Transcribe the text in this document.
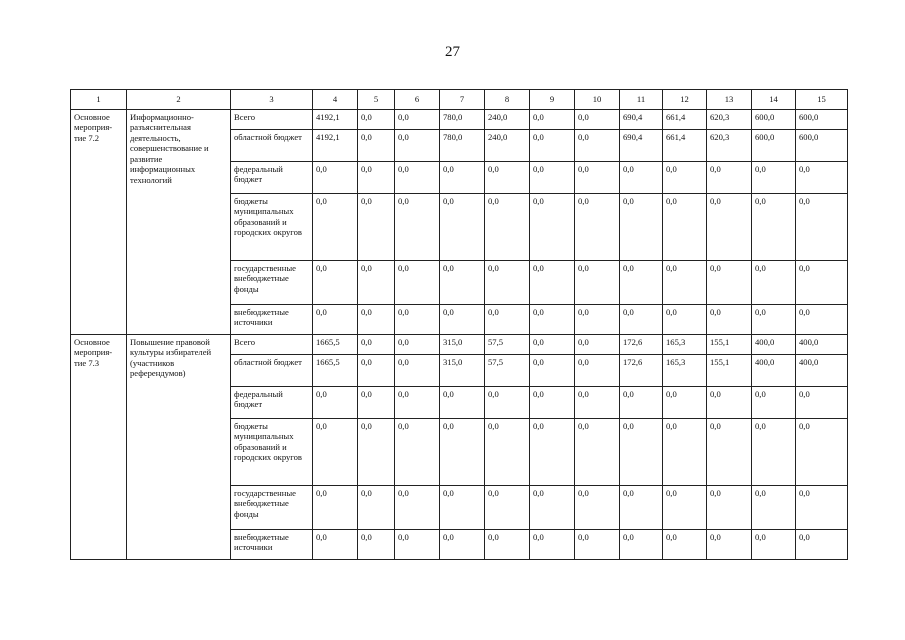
27
1	2	3	4	5	6	7	8	9	10	11	12	13	14	15
Основное мероприя-тие 7.2	Информационно-разъяснительная деятельность, совершенствование и развитие информационных технологий	Всего	4192,1	0,0	0,0	780,0	240,0	0,0	0,0	690,4	661,4	620,3	600,0	600,0
		областной бюджет	4192,1	0,0	0,0	780,0	240,0	0,0	0,0	690,4	661,4	620,3	600,0	600,0
		федеральный бюджет	0,0	0,0	0,0	0,0	0,0	0,0	0,0	0,0	0,0	0,0	0,0	0,0
		бюджеты муниципальных образований и городских округов	0,0	0,0	0,0	0,0	0,0	0,0	0,0	0,0	0,0	0,0	0,0	0,0
		государственные внебюджетные фонды	0,0	0,0	0,0	0,0	0,0	0,0	0,0	0,0	0,0	0,0	0,0	0,0
		внебюджетные источники	0,0	0,0	0,0	0,0	0,0	0,0	0,0	0,0	0,0	0,0	0,0	0,0
Основное мероприя-тие 7.3	Повышение правовой культуры избирателей (участников референдумов)	Всего	1665,5	0,0	0,0	315,0	57,5	0,0	0,0	172,6	165,3	155,1	400,0	400,0
		областной бюджет	1665,5	0,0	0,0	315,0	57,5	0,0	0,0	172,6	165,3	155,1	400,0	400,0
		федеральный бюджет	0,0	0,0	0,0	0,0	0,0	0,0	0,0	0,0	0,0	0,0	0,0	0,0
		бюджеты муниципальных образований и городских округов	0,0	0,0	0,0	0,0	0,0	0,0	0,0	0,0	0,0	0,0	0,0	0,0
		государственные внебюджетные фонды	0,0	0,0	0,0	0,0	0,0	0,0	0,0	0,0	0,0	0,0	0,0	0,0
		внебюджетные источники	0,0	0,0	0,0	0,0	0,0	0,0	0,0	0,0	0,0	0,0	0,0	0,0
